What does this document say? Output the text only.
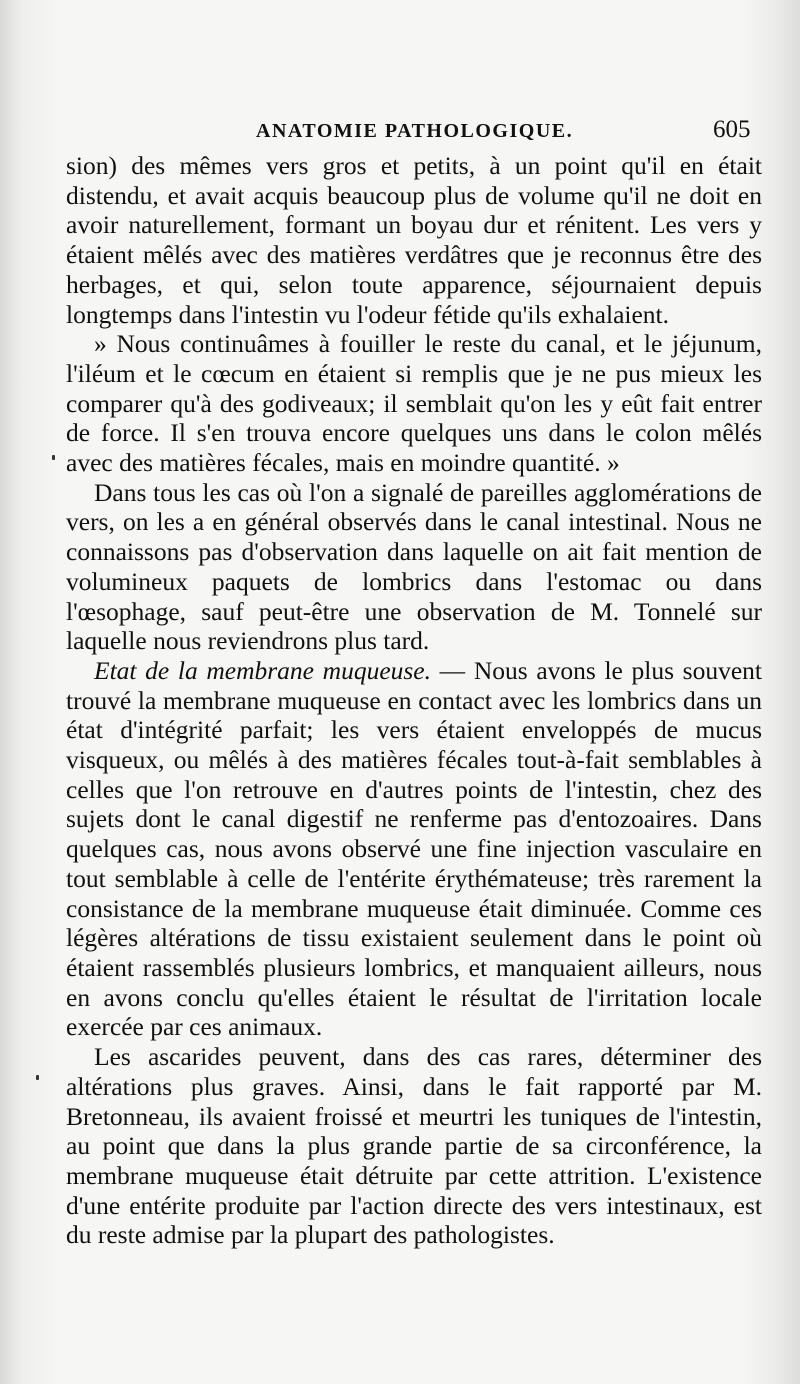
ANATOMIE PATHOLOGIQUE.	605

sion) des mêmes vers gros et petits, à un point qu'il en était distendu, et avait acquis beaucoup plus de volume qu'il ne doit en avoir naturellement, formant un boyau dur et rénitent. Les vers y étaient mêlés avec des matières verdâtres que je reconnus être des herbages, et qui, selon toute apparence, séjournaient depuis longtemps dans l'intestin vu l'odeur fétide qu'ils exhalaient.

» Nous continuâmes à fouiller le reste du canal, et le jéjunum, l'iléum et le cœcum en étaient si remplis que je ne pus mieux les comparer qu'à des godiveaux; il semblait qu'on les y eût fait entrer de force. Il s'en trouva encore quelques uns dans le colon mêlés avec des matières fécales, mais en moindre quantité. »

Dans tous les cas où l'on a signalé de pareilles agglomérations de vers, on les a en général observés dans le canal intestinal. Nous ne connaissons pas d'observation dans laquelle on ait fait mention de volumineux paquets de lombrics dans l'estomac ou dans l'œsophage, sauf peut-être une observation de M. Tonnelé sur laquelle nous reviendrons plus tard.

Etat de la membrane muqueuse. — Nous avons le plus souvent trouvé la membrane muqueuse en contact avec les lombrics dans un état d'intégrité parfait; les vers étaient enveloppés de mucus visqueux, ou mêlés à des matières fécales tout-à-fait semblables à celles que l'on retrouve en d'autres points de l'intestin, chez des sujets dont le canal digestif ne renferme pas d'entozoaires. Dans quelques cas, nous avons observé une fine injection vasculaire en tout semblable à celle de l'entérite érythémateuse; très rarement la consistance de la membrane muqueuse était diminuée. Comme ces légères altérations de tissu existaient seulement dans le point où étaient rassemblés plusieurs lombrics, et manquaient ailleurs, nous en avons conclu qu'elles étaient le résultat de l'irritation locale exercée par ces animaux.

Les ascarides peuvent, dans des cas rares, déterminer des altérations plus graves. Ainsi, dans le fait rapporté par M. Bretonneau, ils avaient froissé et meurtri les tuniques de l'intestin, au point que dans la plus grande partie de sa circonférence, la membrane muqueuse était détruite par cette attrition. L'existence d'une entérite produite par l'action directe des vers intestinaux, est du reste admise par la plupart des pathologistes.
